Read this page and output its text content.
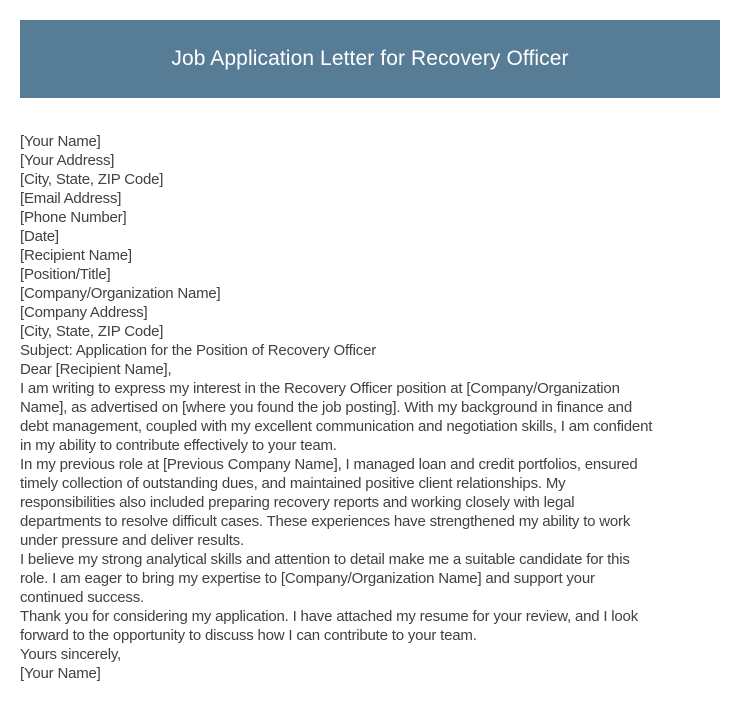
Job Application Letter for Recovery Officer
[Your Name]
[Your Address]
[City, State, ZIP Code]
[Email Address]
[Phone Number]
[Date]
[Recipient Name]
[Position/Title]
[Company/Organization Name]
[Company Address]
[City, State, ZIP Code]
Subject: Application for the Position of Recovery Officer
Dear [Recipient Name],
I am writing to express my interest in the Recovery Officer position at [Company/Organization
Name], as advertised on [where you found the job posting]. With my background in finance and
debt management, coupled with my excellent communication and negotiation skills, I am confident
in my ability to contribute effectively to your team.
In my previous role at [Previous Company Name], I managed loan and credit portfolios, ensured
timely collection of outstanding dues, and maintained positive client relationships. My
responsibilities also included preparing recovery reports and working closely with legal
departments to resolve difficult cases. These experiences have strengthened my ability to work
under pressure and deliver results.
I believe my strong analytical skills and attention to detail make me a suitable candidate for this
role. I am eager to bring my expertise to [Company/Organization Name] and support your
continued success.
Thank you for considering my application. I have attached my resume for your review, and I look
forward to the opportunity to discuss how I can contribute to your team.
Yours sincerely,
[Your Name]
